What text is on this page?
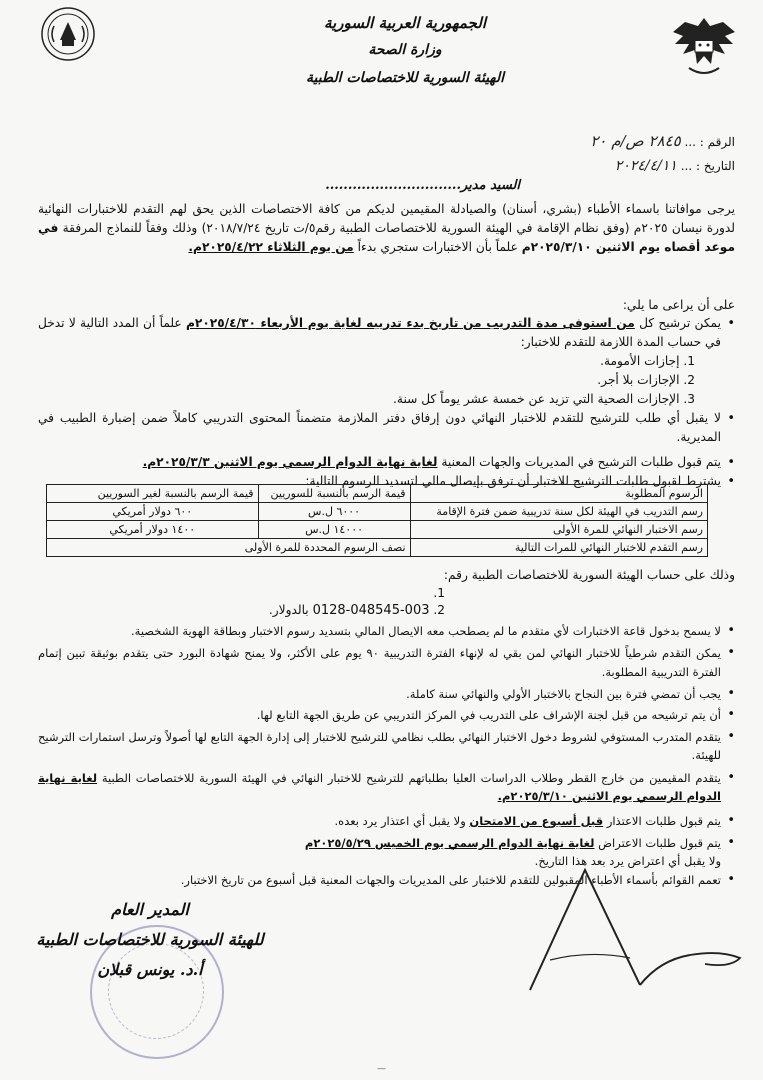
الجمهورية العربية السورية
وزارة الصحة
الهيئة السورية للاختصاصات الطبية
الرقم : ... ٢٨٤٥ ص/م ٢٠
التاريخ : ... ٢٠٢٤/٤/١١
السيد مدير..............................
يرجى موافاتنا باسماء الأطباء (بشري، أسنان) والصيادلة المقيمين لديكم من كافة الاختصاصات الذين يحق لهم التقدم للاختبارات النهائية لدورة نيسان ٢٠٢٥م (وفق نظام الإقامة في الهيئة السورية للاختصاصات الطبية رقم٥/ت تاريخ ٢٠١٨/٧/٢٤) وذلك وفقاً للنماذج المرفقة في موعد أقصاه يوم الاثنين ٢٠٢٥/٣/١٠م علماً بأن الاختبارات ستجري بدءاً من يوم الثلاثاء ٢٠٢٥/٤/٢٢م.
على أن يراعى ما يلي:
• يمكن ترشيح كل من استوفى مدة التدريب من تاريخ بدء تدريبه لغاية يوم الأربعاء ٢٠٢٥/٤/٣٠م علماً أن المدد التالية لا تدخل في حساب المدة اللازمة للتقدم للاختبار:
1. إجازات الأمومة.
2. الإجازات بلا أجر.
3. الإجازات الصحية التي تزيد عن خمسة عشر يوماً كل سنة.
• لا يقبل أي طلب للترشيح للتقدم للاختبار النهائي دون إرفاق دفتر الملازمة متضمناً المحتوى التدريبي كاملاً ضمن إضبارة الطبيب في المديرية.
• يتم قبول طلبات الترشيح في المديريات والجهات المعنية لغاية نهاية الدوام الرسمي يوم الاثنين ٢٠٢٥/٣/٣م.
• يشترط لقبول طلبات الترشيح للاختبار أن ترفق بإيصال مالي لتسديد الرسوم التالية:
الرسوم المطلوبة	قيمة الرسم بالنسبة للسوريين	قيمة الرسم بالنسبة لغير السوريين
رسم التدريب في الهيئة لكل سنة تدريبية ضمن فترة الإقامة	٦٠٠٠ ل.س	٦٠٠ دولار أمريكي
رسم الاختبار النهائي للمرة الأولى	١٤٠٠٠ ل.س	١٤٠٠ دولار أمريكي
رسم التقدم للاختبار النهائي للمرات التالية	نصف الرسوم المحددة للمرة الأولى	
وذلك على حساب الهيئة السورية للاختصاصات الطبية رقم:
1.
2. 0128-048545-003 بالدولار.
• لا يسمح بدخول قاعة الاختبارات لأي متقدم ما لم يصطحب معه الايصال المالي بتسديد رسوم الاختبار وبطاقة الهوية الشخصية.
• يمكن التقدم شرطياً للاختبار النهائي لمن بقي له لإنهاء الفترة التدريبية ٩٠ يوم على الأكثر، ولا يمنح شهادة البورد حتى يتقدم بوثيقة تبين إتمام الفترة التدريبية المطلوبة.
• يجب أن تمضي فترة بين النجاح بالاختبار الأولي والنهائي سنة كاملة.
• أن يتم ترشيحه من قبل لجنة الإشراف على التدريب في المركز التدريبي عن طريق الجهة التابع لها.
• يتقدم المتدرب المستوفي لشروط دخول الاختبار النهائي بطلب نظامي للترشيح للاختبار إلى إدارة الجهة التابع لها أصولاً وترسل استمارات الترشيح للهيئة.
• يتقدم المقيمين من خارج القطر وطلاب الدراسات العليا بطلباتهم للترشيح للاختبار النهائي في الهيئة السورية للاختصاصات الطبية لغاية نهاية الدوام الرسمي يوم الاثنين ٢٠٢٥/٣/١٠م.
• يتم قبول طلبات الاعتذار قبل أسبوع من الامتحان ولا يقبل أي اعتذار يرد بعده.
• يتم قبول طلبات الاعتراض لغاية نهاية الدوام الرسمي يوم الخميس ٢٠٢٥/٥/٢٩م
ولا يقبل أي اعتراض يرد بعد هذا التاريخ.
• تعمم القوائم بأسماء الأطباء المقبولين للتقدم للاختبار على المديريات والجهات المعنية قبل أسبوع من تاريخ الاختبار.
المدير العام
للهيئة السورية للاختصاصات الطبية
أ.د. يونس قبلان
—
